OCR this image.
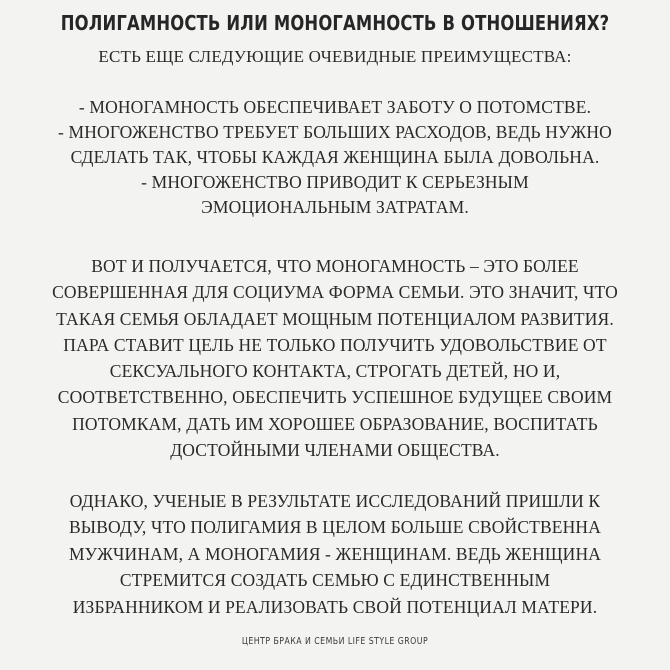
ПОЛИГАМНОСТЬ ИЛИ МОНОГАМНОСТЬ В ОТНОШЕНИЯХ?
ЕСТЬ ЕЩЕ СЛЕДУЮЩИЕ ОЧЕВИДНЫЕ ПРЕИМУЩЕСТВА:
- МОНОГАМНОСТЬ ОБЕСПЕЧИВАЕТ ЗАБОТУ О ПОТОМСТВЕ.
- МНОГОЖЕНСТВО ТРЕБУЕТ БОЛЬШИХ РАСХОДОВ, ВЕДЬ НУЖНО
СДЕЛАТЬ ТАК, ЧТОБЫ КАЖДАЯ ЖЕНЩИНА БЫЛА ДОВОЛЬНА.
- МНОГОЖЕНСТВО ПРИВОДИТ К СЕРЬЕЗНЫМ
ЭМОЦИОНАЛЬНЫМ ЗАТРАТАМ.
ВОТ И ПОЛУЧАЕТСЯ, ЧТО МОНОГАМНОСТЬ – ЭТО БОЛЕЕ
СОВЕРШЕННАЯ ДЛЯ СОЦИУМА ФОРМА СЕМЬИ. ЭТО ЗНАЧИТ, ЧТО
ТАКАЯ СЕМЬЯ ОБЛАДАЕТ МОЩНЫМ ПОТЕНЦИАЛОМ РАЗВИТИЯ.
ПАРА СТАВИТ ЦЕЛЬ НЕ ТОЛЬКО ПОЛУЧИТЬ УДОВОЛЬСТВИЕ ОТ
СЕКСУАЛЬНОГО КОНТАКТА, СТРОГАТЬ ДЕТЕЙ, НО И,
СООТВЕТСТВЕННО, ОБЕСПЕЧИТЬ УСПЕШНОЕ БУДУЩЕЕ СВОИМ
ПОТОМКАМ, ДАТЬ ИМ ХОРОШЕЕ ОБРАЗОВАНИЕ, ВОСПИТАТЬ
ДОСТОЙНЫМИ ЧЛЕНАМИ ОБЩЕСТВА.
ОДНАКО, УЧЕНЫЕ В РЕЗУЛЬТАТЕ ИССЛЕДОВАНИЙ ПРИШЛИ К
ВЫВОДУ, ЧТО ПОЛИГАМИЯ В ЦЕЛОМ БОЛЬШЕ СВОЙСТВЕННА
МУЖЧИНАМ, А МОНОГАМИЯ - ЖЕНЩИНАМ. ВЕДЬ ЖЕНЩИНА
СТРЕМИТСЯ СОЗДАТЬ СЕМЬЮ С ЕДИНСТВЕННЫМ
ИЗБРАННИКОМ И РЕАЛИЗОВАТЬ СВОЙ ПОТЕНЦИАЛ МАТЕРИ.
ЦЕНТР БРАКА И СЕМЬИ LIFE STYLE GROUP
